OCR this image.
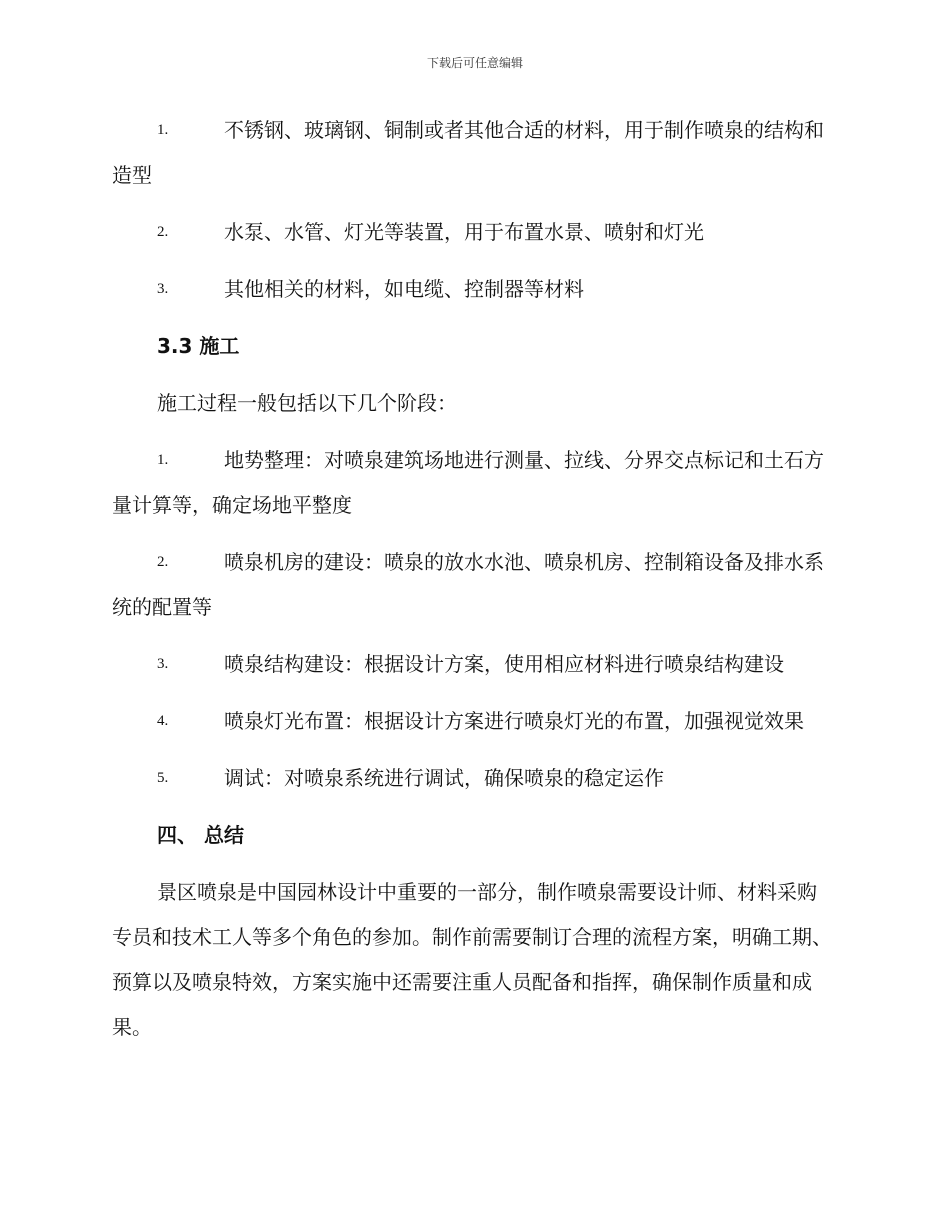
下载后可任意编辑
1.	不锈钢、玻璃钢、铜制或者其他合适的材料，用于制作喷泉的结构和造型
2.	水泵、水管、灯光等装置，用于布置水景、喷射和灯光
3.	其他相关的材料，如电缆、控制器等材料
3.3 施工
施工过程一般包括以下几个阶段：
1.	地势整理：对喷泉建筑场地进行测量、拉线、分界交点标记和土石方量计算等，确定场地平整度
2.	喷泉机房的建设：喷泉的放水水池、喷泉机房、控制箱设备及排水系统的配置等
3.	喷泉结构建设：根据设计方案，使用相应材料进行喷泉结构建设
4.	喷泉灯光布置：根据设计方案进行喷泉灯光的布置，加强视觉效果
5.	调试：对喷泉系统进行调试，确保喷泉的稳定运作
四、 总结
景区喷泉是中国园林设计中重要的一部分，制作喷泉需要设计师、材料采购专员和技术工人等多个角色的参加。制作前需要制订合理的流程方案，明确工期、预算以及喷泉特效，方案实施中还需要注重人员配备和指挥，确保制作质量和成果。
